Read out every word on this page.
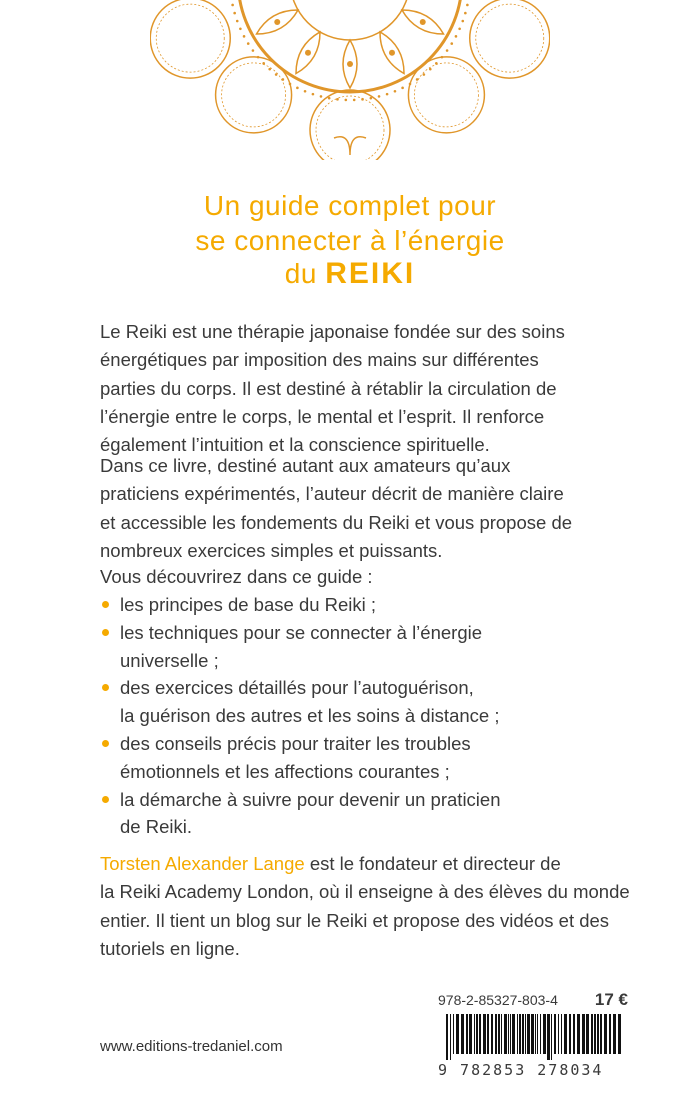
Un guide complet pour
se connecter à l’énergie
du REIKI
Le Reiki est une thérapie japonaise fondée sur des soins
énergétiques par imposition des mains sur différentes
parties du corps. Il est destiné à rétablir la circulation de
l’énergie entre le corps, le mental et l’esprit. Il renforce
également l’intuition et la conscience spirituelle.
Dans ce livre, destiné autant aux amateurs qu’aux
praticiens expérimentés, l’auteur décrit de manière claire
et accessible les fondements du Reiki et vous propose de
nombreux exercices simples et puissants.
Vous découvrirez dans ce guide :
les principes de base du Reiki ;
les techniques pour se connecter à l’énergie
universelle ;
des exercices détaillés pour l’autoguérison,
la guérison des autres et les soins à distance ;
des conseils précis pour traiter les troubles
émotionnels et les affections courantes ;
la démarche à suivre pour devenir un praticien
de Reiki.
Torsten Alexander Lange est le fondateur et directeur de
la Reiki Academy London, où il enseigne à des élèves du monde
entier. Il tient un blog sur le Reiki et propose des vidéos et des
tutoriels en ligne.
www.editions-tredaniel.com
978-2-85327-803-4 17 €
9 782853 278034
